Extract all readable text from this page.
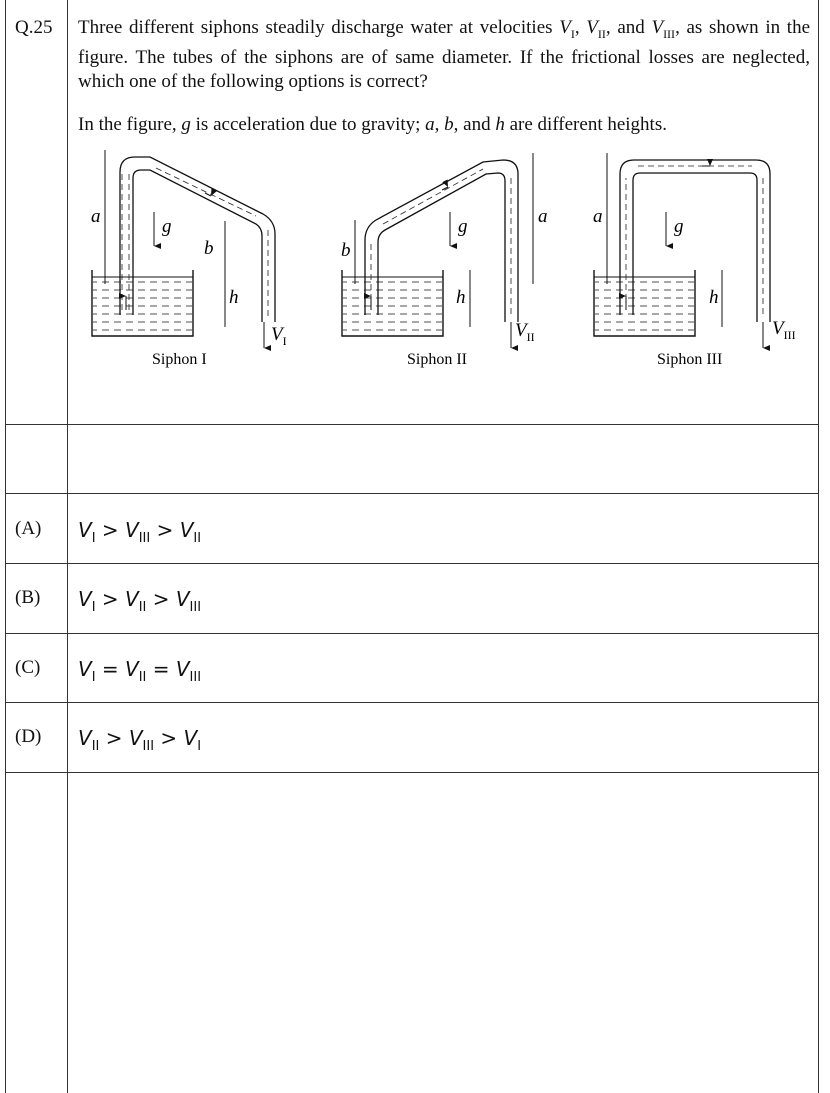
Q.25 Three different siphons steadily discharge water at velocities $V_I$, $V_{II}$, and $V_{III}$, as shown in the figure. The tubes of the siphons are of same diameter. If the frictional losses are neglected, which one of the following options is correct?
In the figure, g is acceleration due to gravity; a, b, and h are different heights.
a	g
b
h
$V_I$
Siphon I
b
g
h
a
$V_{II}$
Siphon II
a	g
h
$V_{III}$
Siphon III
(A) $V_I > V_{III} > V_{II}$
(B) $V_I > V_{II} > V_{III}$
(C) $V_I = V_{II} = V_{III}$
(D) $V_{II} > V_{III} > V_I$
